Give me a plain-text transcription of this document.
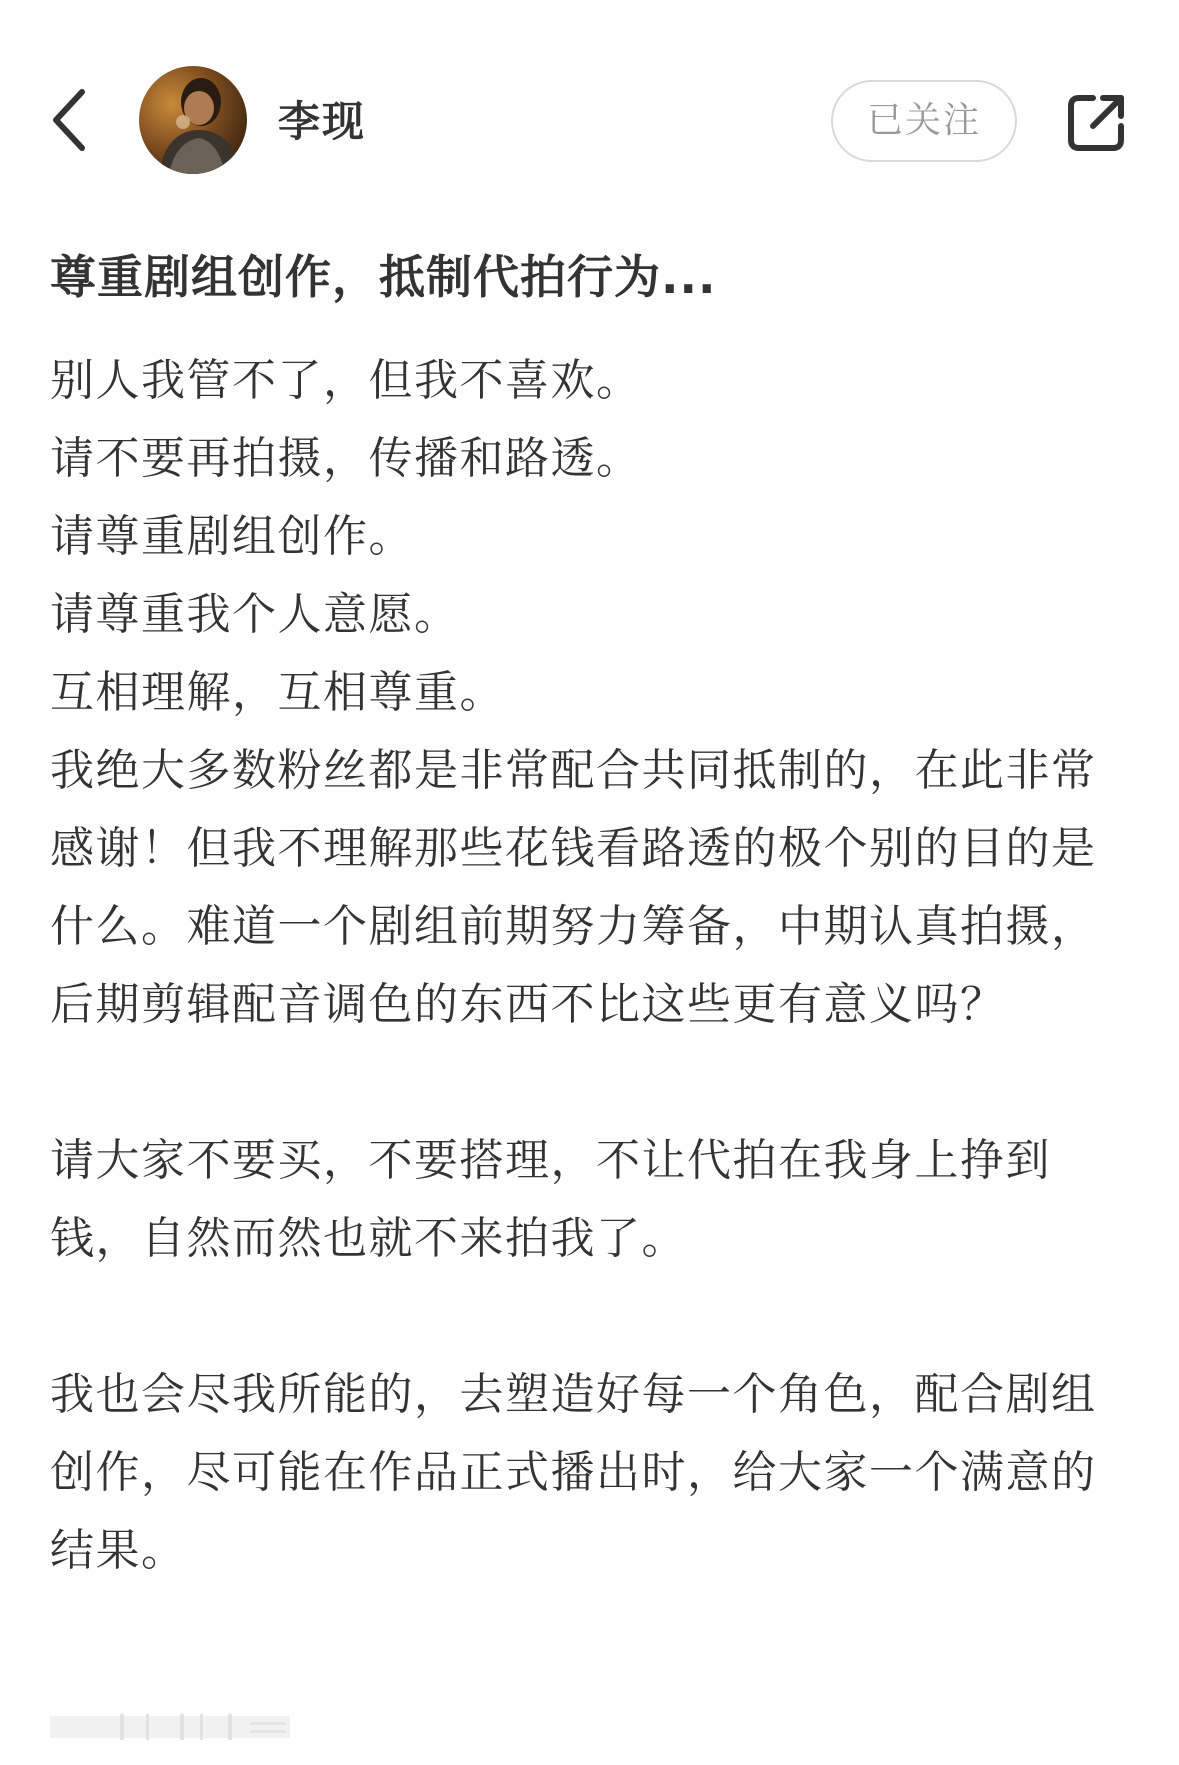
李现	已关注
尊重剧组创作，抵制代拍行为...

别人我管不了，但我不喜欢。

请不要再拍摄，传播和路透。

请尊重剧组创作。

请尊重我个人意愿。

互相理解，互相尊重。

我绝大多数粉丝都是非常配合共同抵制的，在此非常感谢！但我不理解那些花钱看路透的极个别的目的是什么。难道一个剧组前期努力筹备，中期认真拍摄，后期剪辑配音调色的东西不比这些更有意义吗？

请大家不要买，不要搭理，不让代拍在我身上挣到钱，自然而然也就不来拍我了。

我也会尽我所能的，去塑造好每一个角色，配合剧组创作，尽可能在作品正式播出时，给大家一个满意的结果。
